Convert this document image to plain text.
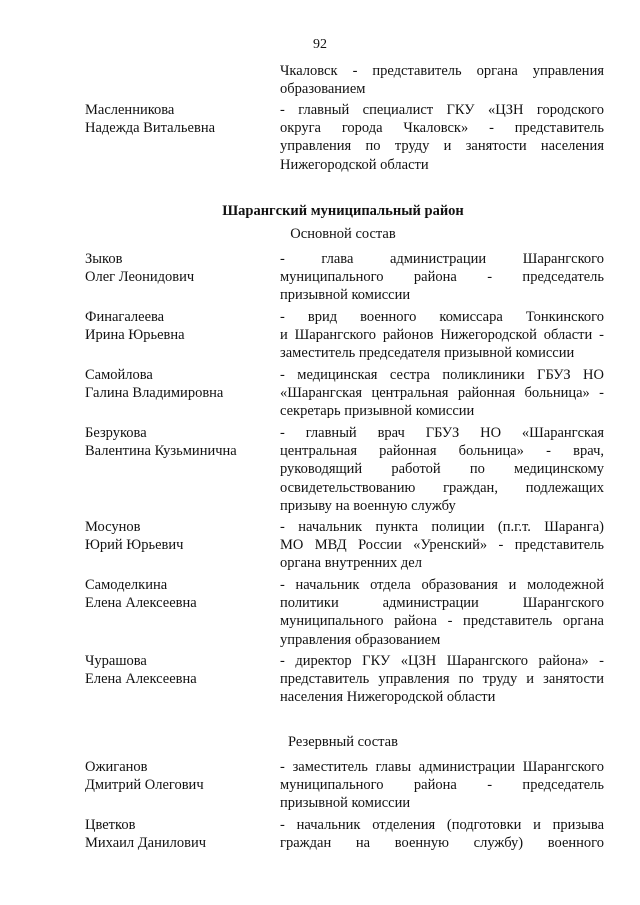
92
Чкаловск - представитель органа управления
образованием
Масленникова
Надежда Витальевна
- главный специалист ГКУ «ЦЗН городского
округа города Чкаловск» - представитель
управления по труду и занятости населения
Нижегородской области
Шарангский муниципальный район
Основной состав
Зыков
Олег Леонидович
- глава администрации Шарангского
муниципального района - председатель
призывной комиссии
Финагалеева
Ирина Юрьевна
- врид военного комиссара Тонкинского
и Шарангского районов Нижегородской области -
заместитель председателя призывной комиссии
Самойлова
Галина Владимировна
- медицинская сестра поликлиники ГБУЗ НО
«Шарангская центральная районная больница» -
секретарь призывной комиссии
Безрукова
Валентина Кузьминична
- главный врач ГБУЗ НО «Шарангская
центральная районная больница» - врач,
руководящий работой по медицинскому
освидетельствованию граждан, подлежащих
призыву на военную службу
Мосунов
Юрий Юрьевич
- начальник пункта полиции (п.г.т. Шаранга)
МО МВД России «Уренский» - представитель
органа внутренних дел
Самоделкина
Елена Алексеевна
- начальник отдела образования и молодежной
политики администрации Шарангского
муниципального района - представитель органа
управления образованием
Чурашова
Елена Алексеевна
- директор ГКУ «ЦЗН Шарангского района» -
представитель управления по труду и занятости
населения Нижегородской области
Резервный состав
Ожиганов
Дмитрий Олегович
- заместитель главы администрации Шарангского
муниципального района - председатель
призывной комиссии
Цветков
Михаил Данилович
- начальник отделения (подготовки и призыва
граждан на военную службу) военного
